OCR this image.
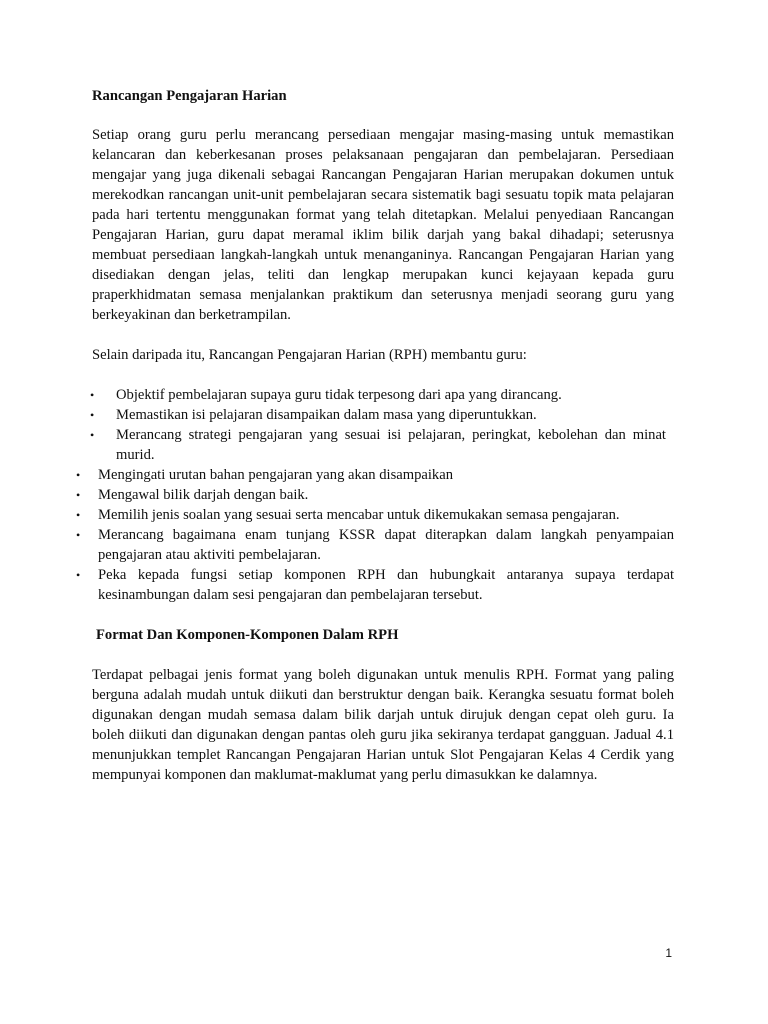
Rancangan Pengajaran Harian

Setiap orang guru perlu merancang persediaan mengajar masing-masing untuk memastikan kelancaran dan keberkesanan proses pelaksanaan pengajaran dan pembelajaran. Persediaan mengajar yang juga dikenali sebagai Rancangan Pengajaran Harian merupakan dokumen untuk merekodkan rancangan unit-unit pembelajaran secara sistematik bagi sesuatu topik mata pelajaran pada hari tertentu menggunakan format yang telah ditetapkan. Melalui penyediaan Rancangan Pengajaran Harian, guru dapat meramal iklim bilik darjah yang bakal dihadapi; seterusnya membuat persediaan langkah-langkah untuk menanganinya. Rancangan Pengajaran Harian yang disediakan dengan jelas, teliti dan lengkap merupakan kunci kejayaan kepada guru praperkhidmatan semasa menjalankan praktikum dan seterusnya menjadi seorang guru yang berkeyakinan dan berketrampilan.

Selain daripada itu, Rancangan Pengajaran Harian (RPH) membantu guru:

• Objektif pembelajaran supaya guru tidak terpesong dari apa yang dirancang.
• Memastikan isi pelajaran disampaikan dalam masa yang diperuntukkan.
• Merancang strategi pengajaran yang sesuai isi pelajaran, peringkat, kebolehan dan minat murid.
• Mengingati urutan bahan pengajaran yang akan disampaikan
• Mengawal bilik darjah dengan baik.
• Memilih jenis soalan yang sesuai serta mencabar untuk dikemukakan semasa pengajaran.
• Merancang bagaimana enam tunjang KSSR dapat diterapkan dalam langkah penyampaian pengajaran atau aktiviti pembelajaran.
• Peka kepada fungsi setiap komponen RPH dan hubungkait antaranya supaya terdapat kesinambungan dalam sesi pengajaran dan pembelajaran tersebut.

Format Dan Komponen-Komponen Dalam RPH

Terdapat pelbagai jenis format yang boleh digunakan untuk menulis RPH. Format yang paling berguna adalah mudah untuk diikuti dan berstruktur dengan baik. Kerangka sesuatu format boleh digunakan dengan mudah semasa dalam bilik darjah untuk dirujuk dengan cepat oleh guru. Ia boleh diikuti dan digunakan dengan pantas oleh guru jika sekiranya terdapat gangguan. Jadual 4.1 menunjukkan templet Rancangan Pengajaran Harian untuk Slot Pengajaran Kelas 4 Cerdik yang mempunyai komponen dan maklumat-maklumat yang perlu dimasukkan ke dalamnya.

1
